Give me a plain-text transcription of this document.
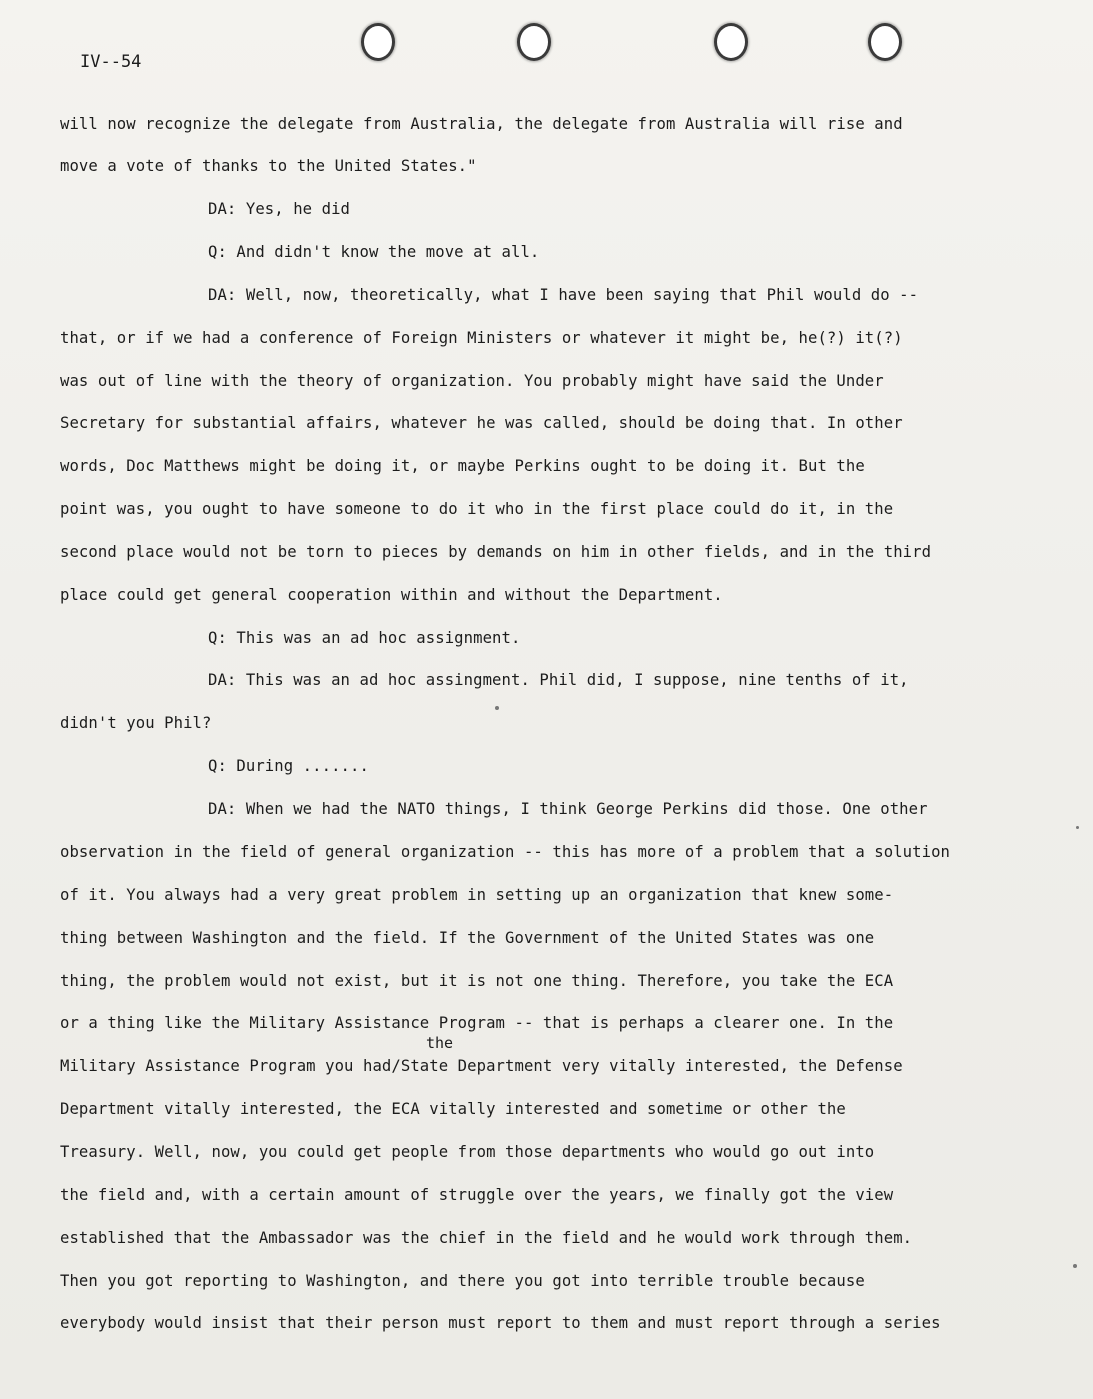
IV--54
will now recognize the delegate from Australia, the delegate from Australia will rise and
move a vote of thanks to the United States."
DA: Yes, he did
Q: And didn't know the move at all.
DA: Well, now, theoretically, what I have been saying that Phil would do --
that, or if we had a conference of Foreign Ministers or whatever it might be, he(?) it(?)
was out of line with the theory of organization. You probably might have said the Under
Secretary for substantial affairs, whatever he was called, should be doing that. In other
words, Doc Matthews might be doing it, or maybe Perkins ought to be doing it. But the
point was, you ought to have someone to do it who in the first place could do it, in the
second place would not be torn to pieces by demands on him in other fields, and in the third
place could get general cooperation within and without the Department.
Q: This was an ad hoc assignment.
DA: This was an ad hoc assingment. Phil did, I suppose, nine tenths of it,
didn't you Phil?
Q: During .......
DA: When we had the NATO things, I think George Perkins did those. One other
observation in the field of general organization -- this has more of a problem that a solution
of it. You always had a very great problem in setting up an organization that knew some-
thing between Washington and the field. If the Government of the United States was one
thing, the problem would not exist, but it is not one thing. Therefore, you take the ECA
or a thing like the Military Assistance Program -- that is perhaps a clearer one. In the
the
Military Assistance Program you had/State Department very vitally interested, the Defense
Department vitally interested, the ECA vitally interested and sometime or other the
Treasury. Well, now, you could get people from those departments who would go out into
the field and, with a certain amount of struggle over the years, we finally got the view
established that the Ambassador was the chief in the field and he would work through them.
Then you got reporting to Washington, and there you got into terrible trouble because
everybody would insist that their person must report to them and must report through a series
